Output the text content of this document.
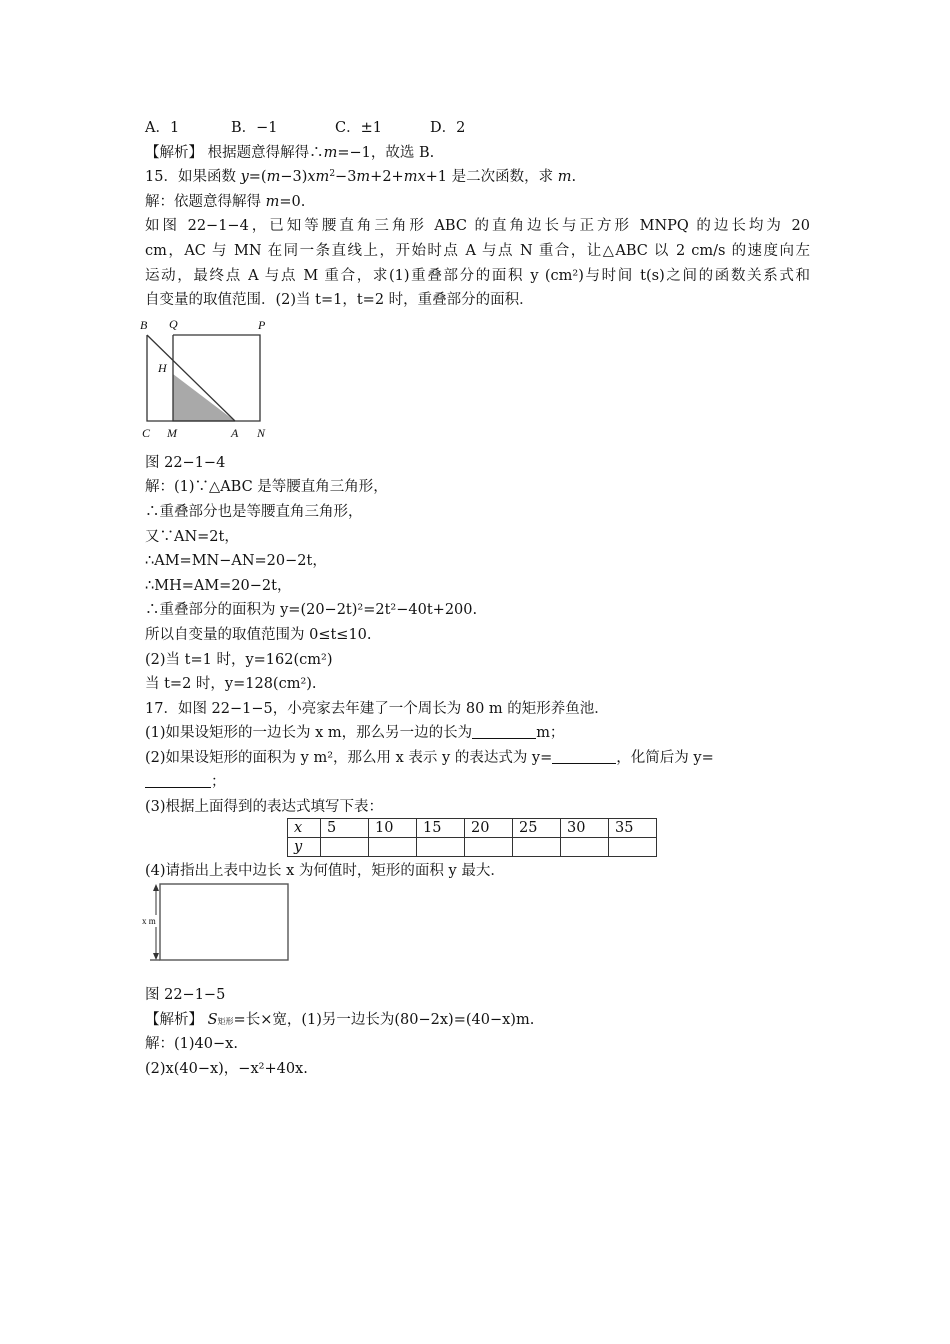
A．1	B．−1	C．±1	D．2
【解析】 根据题意得解得∴m=−1，故选 B.
15．如果函数 $y=(m-3)xm^2-3m+2+mx+1$ 是二次函数，求 m.
解：依题意得解得 m=0.
如图 22−1−4，已知等腰直角三角形 ABC 的直角边长与正方形 MNPQ 的边长均为 20
cm，AC 与 MN 在同一条直线上，开始时点 A 与点 N 重合，让△ABC 以 2 cm/s 的速度向左
运动，最终点 A 与点 M 重合，求(1)重叠部分的面积 y (cm²)与时间 t(s)之间的函数关系式和
自变量的取值范围．(2)当 t=1，t=2 时，重叠部分的面积．
B Q	P
H
C M	A N
图 22−1−4
解：(1)∵△ABC 是等腰直角三角形，
∴重叠部分也是等腰直角三角形，
又∵AN=2t，
∴AM=MN−AN=20−2t，
∴MH=AM=20−2t，
∴重叠部分的面积为 y=(20−2t)²=2t²−40t+200.
所以自变量的取值范围为 0≤t≤10.
(2)当 t=1 时，y=162(cm²)
当 t=2 时，y=128(cm²).
17．如图 22−1−5，小亮家去年建了一个周长为 80 m 的矩形养鱼池．
(1)如果设矩形的一边长为 x m，那么另一边的长为	m；
(2)如果设矩形的面积为 y m²，那么用 x 表示 y 的表达式为 y=	，化简后为 y=
；
(3)根据上面得到的表达式填写下表：
x	5	10	15	20	25	30	35
y							
(4)请指出上表中边长 x 为何值时，矩形的面积 y 最大．
x m
图 22−1−5
【解析】 S矩形=长×宽，(1)另一边长为(80−2x)=(40−x)m.
解：(1)40−x.
(2)x(40−x)，−x²+40x.
